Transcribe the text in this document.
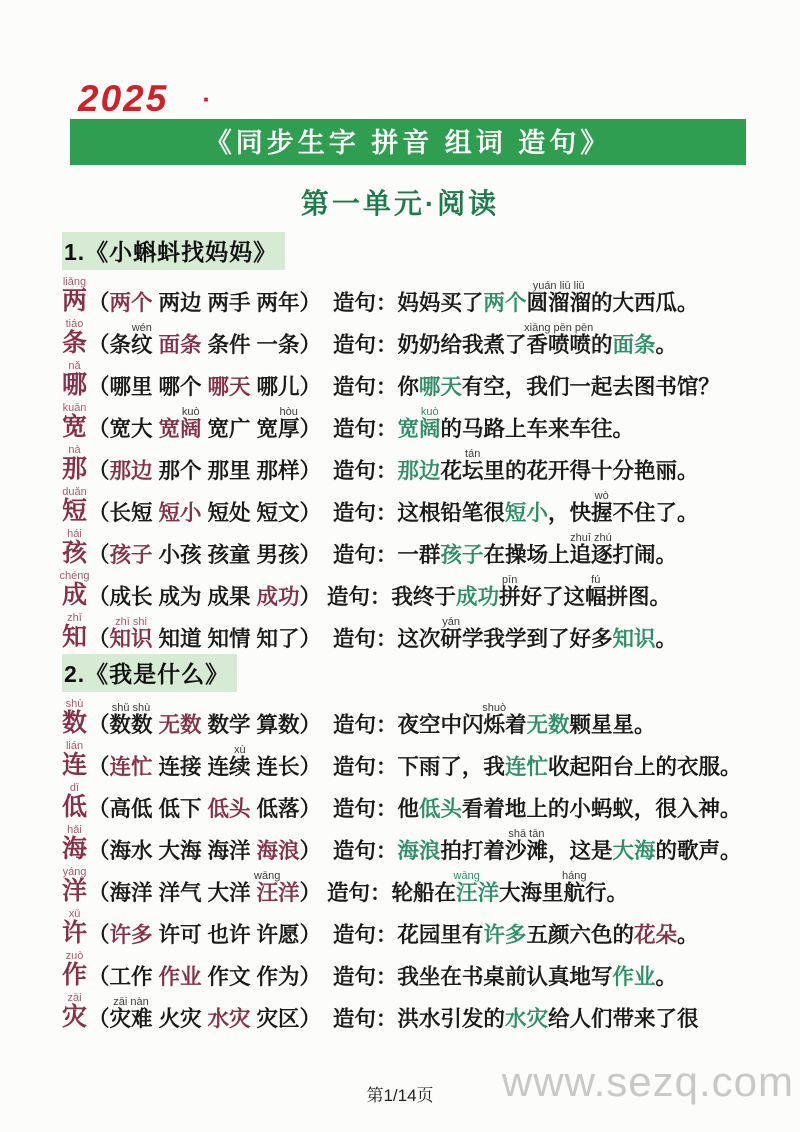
2025 ·
《同步生字 拼音 组词 造句》
第一单元·阅读
1.《小蝌蚪找妈妈》
两
liǎng
（ 两个 两边 两手 两年）  造句：妈妈买了 两个 圆溜溜
yuán liū liū
的大西瓜。
条
tiáo
（条 纹
wén

面条 条件 一条）  造句：奶奶给我煮了 香喷喷
xiāng pēn pēn
的 面条 。
哪
nǎ
（哪里 哪个 哪天 哪儿）  造句：你 哪天 有空，我们一起去图书馆？
宽
kuān
（宽大 宽 阔
kuò
宽广 宽 厚
hòu
）  造句： 宽 阔
kuò
的马路上车来车往。
那
nà
（ 那边 那个 那里 那样）  造句： 那边 花 坛
tán
里的花开得十分艳丽。
短
duǎn
（长短 短小 短处 短文）  造句：这根铅笔很 短小 ，快 握
wò
不住了。
孩
hái
（ 孩子 小孩 孩童 男孩）  造句：一群 孩子 在操场上 追逐
zhuī zhú
打闹。
成
chéng
（成长 成为 成果 成功 ） 造句：我终于 成功 拼
pīn
好了这 幅
fú
拼图。
知
zhī
（ 知识
zhī shi
知道 知情 知了）  造句：这次 研
yán
学我学到了好多 知识 。
2.《我是什么》
数
shù
（ 数数
shǔ shù

无数 数学 算数）  造句：夜空中闪 烁
shuò
着 无数 颗星星。
连
lián
（ 连忙 连接 连 续
xù
连长）  造句：下雨了，我 连忙 收起阳台上的衣服。
低
dī
（高低 低下 低头 低落）  造句：他 低头 看着地上的小蚂蚁，很入神。
海
hǎi
（海水 大海 海洋 海浪 ）  造句： 海浪 拍打着 沙滩
shā tān
，这是 大海 的歌声。
洋
yáng
（海洋 洋气 大洋 汪
wāng
洋 ） 造句：轮船在 汪
wāng
洋 大海里 航
háng
行。
许
xǔ
（ 许多 许可 也许 许愿）  造句：花园里有 许多 五颜六色的 花朵 。
作
zuò
（工作 作业 作文 作为）  造句：我坐在书桌前认真地写 作业 。
灾
zāi
（ 灾难
zāi nàn
火灾 水灾 灾区）  造句：洪水引发的 水灾 给人们带来了很
第1/14页	www.sezq.com
